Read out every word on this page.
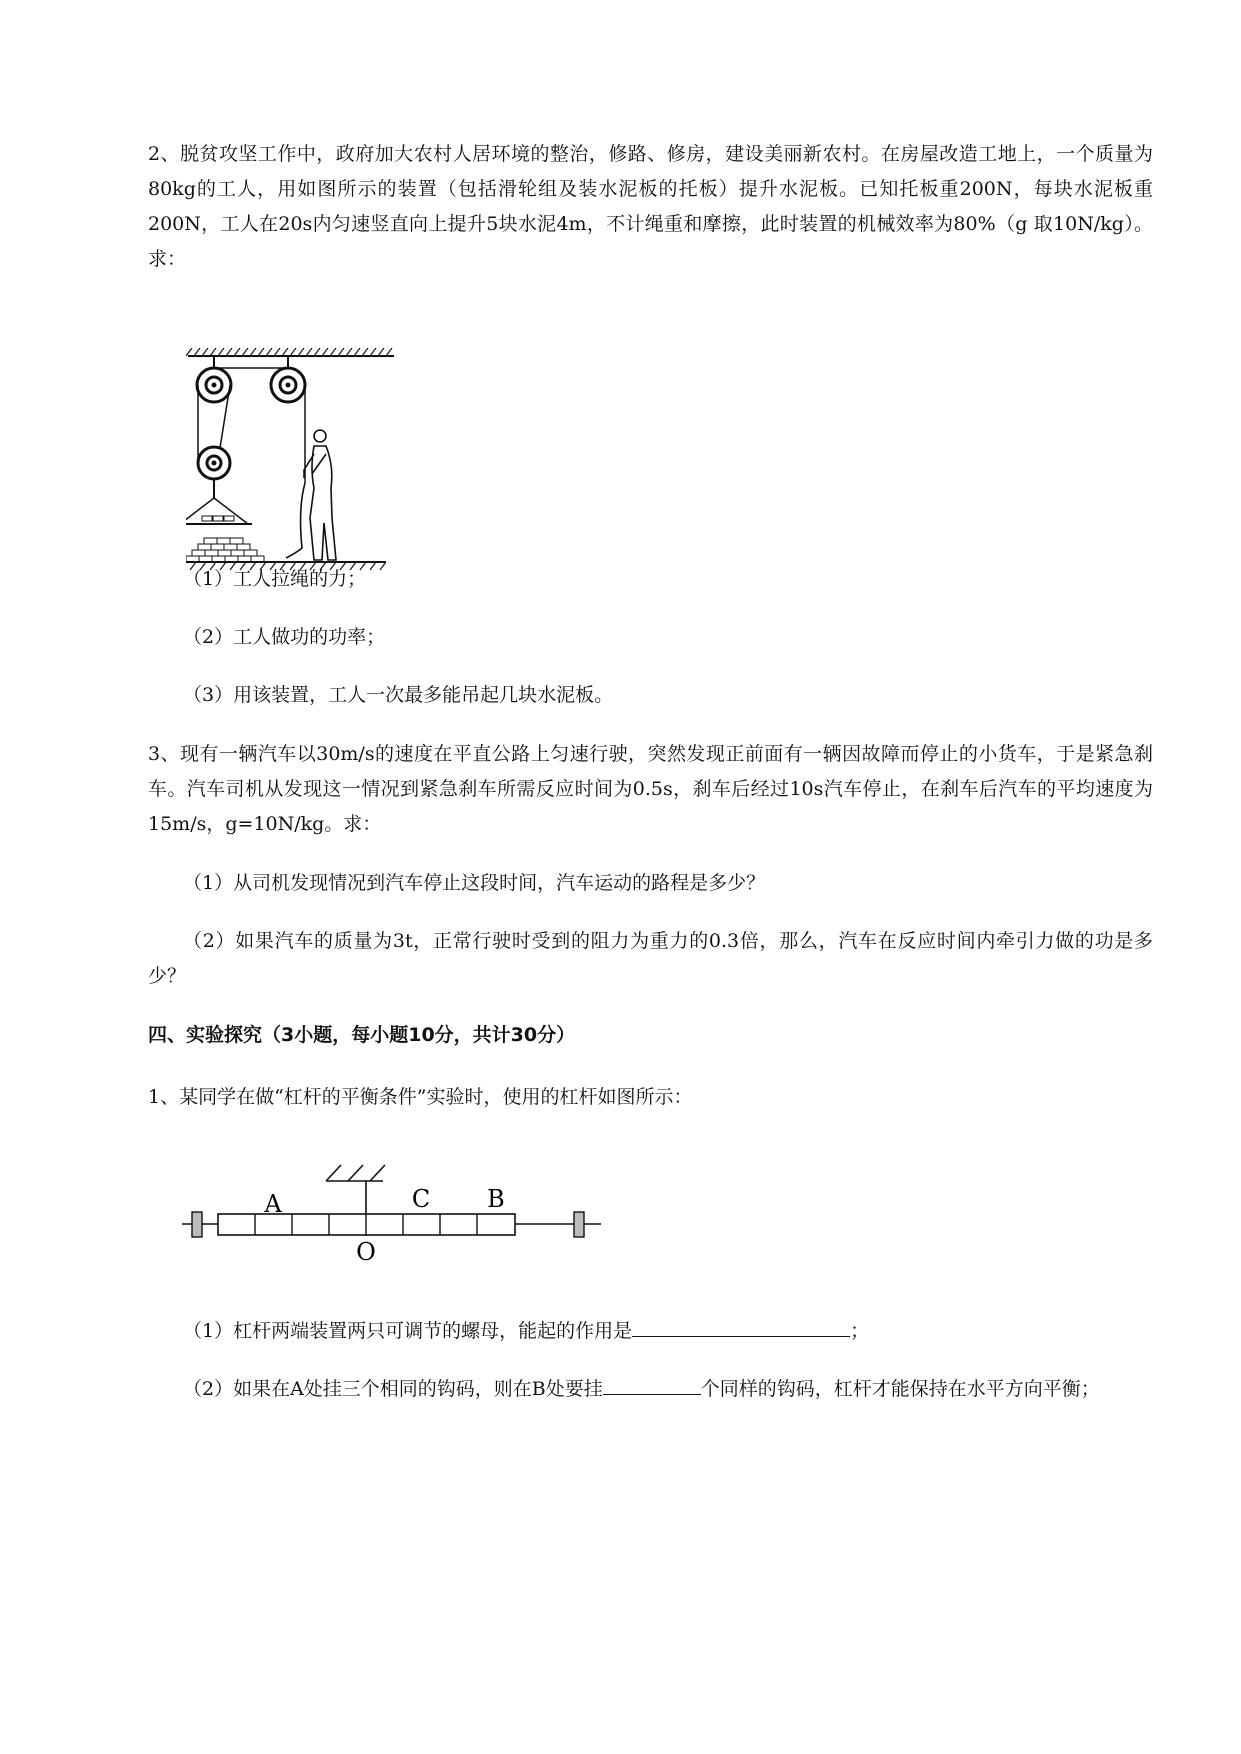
2、脱贫攻坚工作中，政府加大农村人居环境的整治，修路、修房，建设美丽新农村。在房屋改造工地上，一个质量为80kg的工人，用如图所示的装置（包括滑轮组及装水泥板的托板）提升水泥板。已知托板重200N，每块水泥板重200N，工人在20s内匀速竖直向上提升5块水泥4m，不计绳重和摩擦，此时装置的机械效率为80%（g 取10N/kg）。求：

（1）工人拉绳的力；

（2）工人做功的功率；

（3）用该装置，工人一次最多能吊起几块水泥板。

3、现有一辆汽车以30m/s的速度在平直公路上匀速行驶，突然发现正前面有一辆因故障而停止的小货车，于是紧急刹车。汽车司机从发现这一情况到紧急刹车所需反应时间为0.5s，刹车后经过10s汽车停止，在刹车后汽车的平均速度为15m/s，g=10N/kg。求：

（1）从司机发现情况到汽车停止这段时间，汽车运动的路程是多少？

（2）如果汽车的质量为3t，正常行驶时受到的阻力为重力的0.3倍，那么，汽车在反应时间内牵引力做的功是多少？

四、实验探究（3小题，每小题10分，共计30分）

1、某同学在做“杠杆的平衡条件”实验时，使用的杠杆如图所示：

A	C B
O

（1）杠杆两端装置两只可调节的螺母，能起的作用是	；

（2）如果在A处挂三个相同的钩码，则在B处要挂	个同样的钩码，杠杆才能保持在水平方向平衡；
